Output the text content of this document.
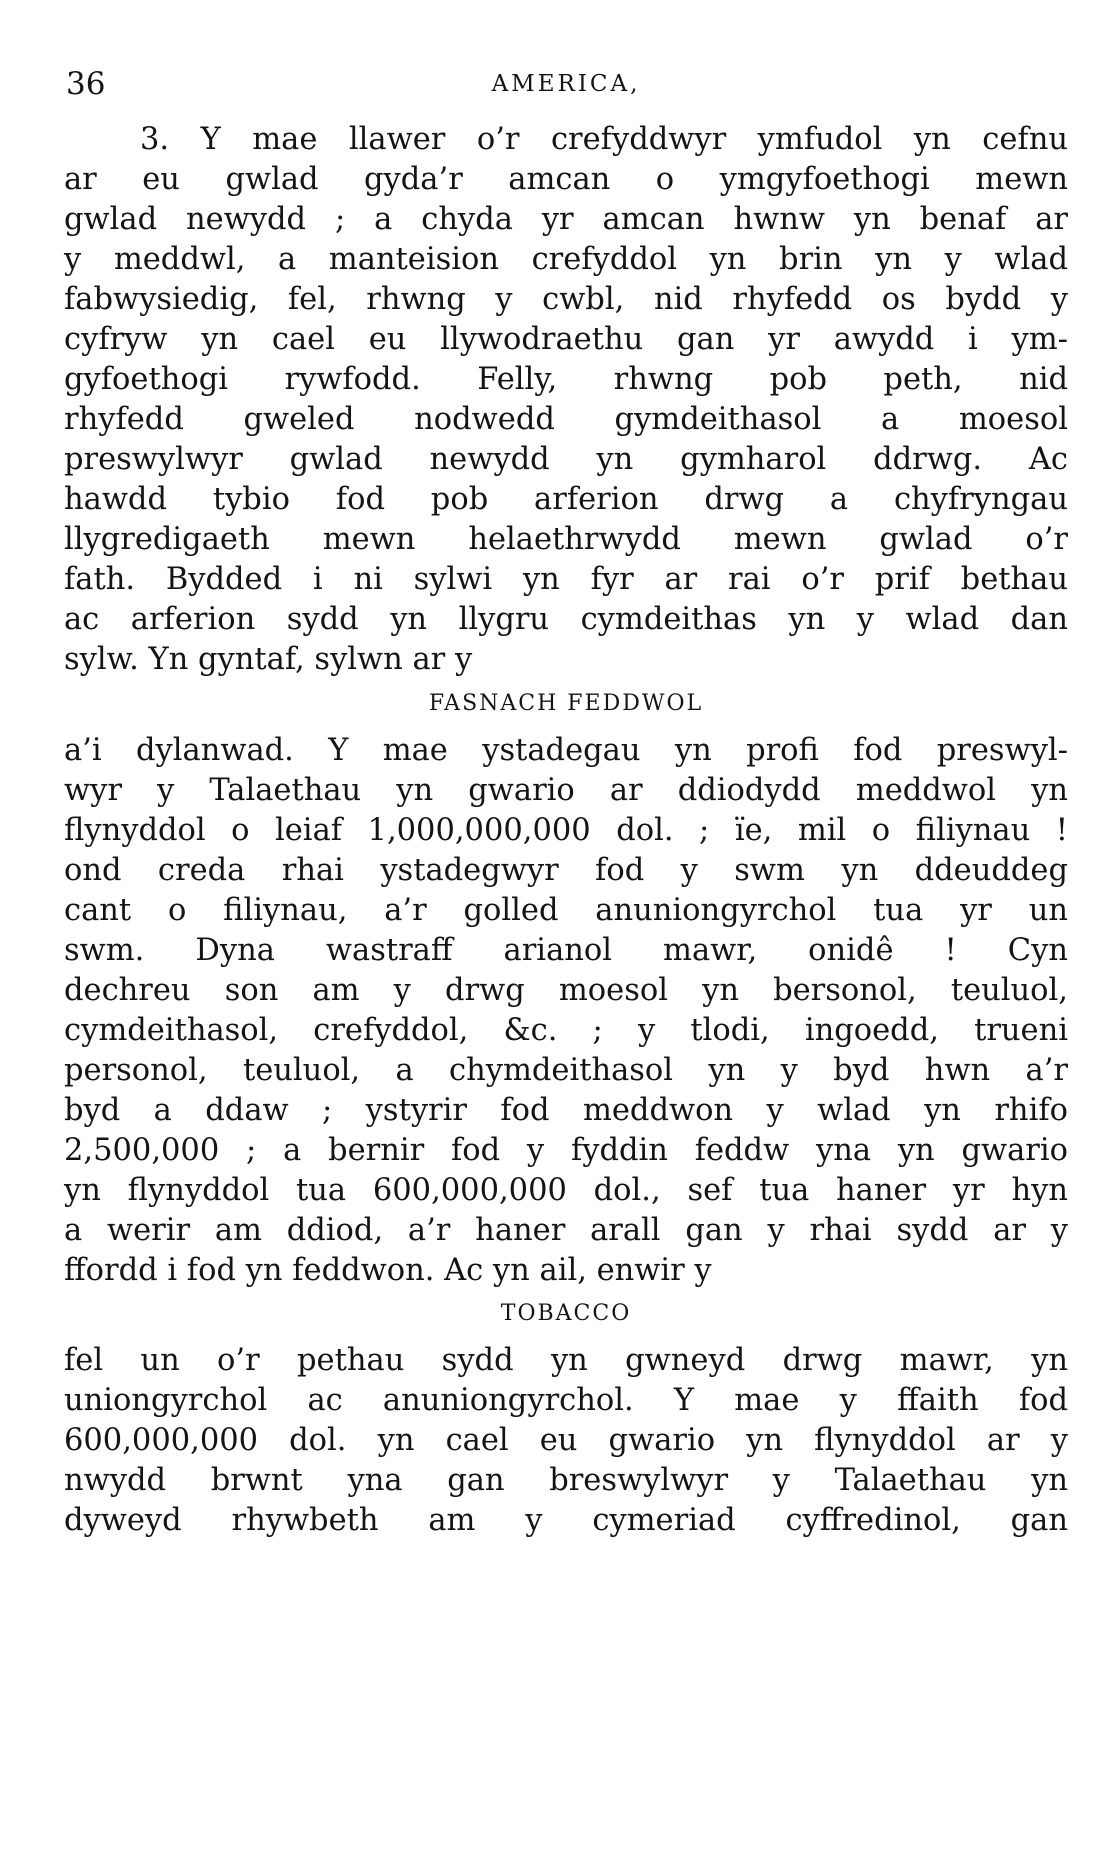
36	AMERICA,
3. Y mae llawer o’r crefyddwyr ymfudol yn cefnu
ar eu gwlad gyda’r amcan o ymgyfoethogi mewn
gwlad newydd ; a chyda yr amcan hwnw yn benaf ar
y meddwl, a manteision crefyddol yn brin yn y wlad
fabwysiedig, fel, rhwng y cwbl, nid rhyfedd os bydd y
cyfryw yn cael eu llywodraethu gan yr awydd i ym-
gyfoethogi rywfodd. Felly, rhwng pob peth, nid
rhyfedd gweled nodwedd gymdeithasol a moesol
preswylwyr gwlad newydd yn gymharol ddrwg. Ac
hawdd tybio fod pob arferion drwg a chyfryngau
llygredigaeth mewn helaethrwydd mewn gwlad o’r
fath. Bydded i ni sylwi yn fyr ar rai o’r prif bethau
ac arferion sydd yn llygru cymdeithas yn y wlad dan
sylw. Yn gyntaf, sylwn ar y
FASNACH FEDDWOL
a’i dylanwad. Y mae ystadegau yn profi fod preswyl-
wyr y Talaethau yn gwario ar ddiodydd meddwol yn
flynyddol o leiaf 1,000,000,000 dol. ; ïe, mil o filiynau !
ond creda rhai ystadegwyr fod y swm yn ddeuddeg
cant o filiynau, a’r golled anuniongyrchol tua yr un
swm. Dyna wastraff arianol mawr, onidê ! Cyn
dechreu son am y drwg moesol yn bersonol, teuluol,
cymdeithasol, crefyddol, &c. ; y tlodi, ingoedd, trueni
personol, teuluol, a chymdeithasol yn y byd hwn a’r
byd a ddaw ; ystyrir fod meddwon y wlad yn rhifo
2,500,000 ; a bernir fod y fyddin feddw yna yn gwario
yn flynyddol tua 600,000,000 dol., sef tua haner yr hyn
a werir am ddiod, a’r haner arall gan y rhai sydd ar y
ffordd i fod yn feddwon. Ac yn ail, enwir y
TOBACCO
fel un o’r pethau sydd yn gwneyd drwg mawr, yn
uniongyrchol ac anuniongyrchol. Y mae y ffaith fod
600,000,000 dol. yn cael eu gwario yn flynyddol ar y
nwydd brwnt yna gan breswylwyr y Talaethau yn
dyweyd rhywbeth am y cymeriad cyffredinol, gan
